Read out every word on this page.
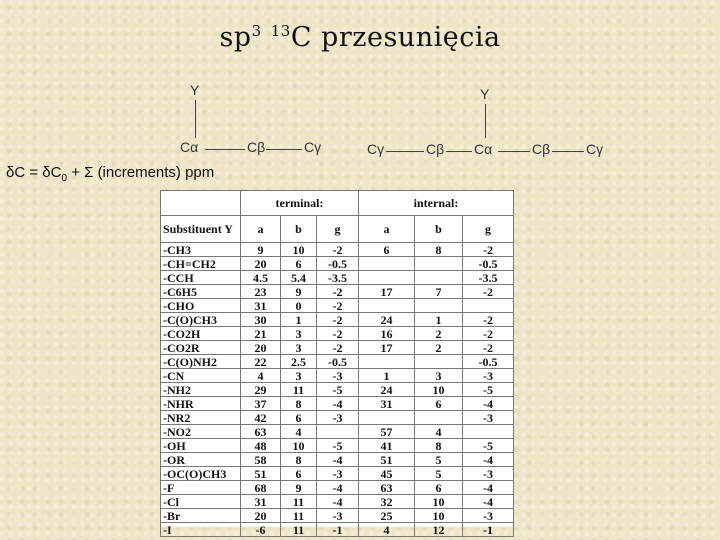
$sp^3$ $^{13}$C przesunięcia
Y
Cα	Cβ	Cγ
Y
Cγ	Cβ Cα	Cβ	Cγ
$\delta C = \delta C_0 + \Sigma$ (increments) ppm
	terminal:			internal:		
Substituent Y	a	b	g	a	b	g
-CH3	9	10	-2	6	8	-2
-CH=CH2	20	6	-0.5			-0.5
-CCH	4.5	5.4	-3.5			-3.5
-C6H5	23	9	-2	17	7	-2
-CHO	31	0	-2			
-C(O)CH3	30	1	-2	24	1	-2
-CO2H	21	3	-2	16	2	-2
-CO2R	20	3	-2	17	2	-2
-C(O)NH2	22	2.5	-0.5			-0.5
-CN	4	3	-3	1	3	-3
-NH2	29	11	-5	24	10	-5
-NHR	37	8	-4	31	6	-4
-NR2	42	6	-3			-3
-NO2	63	4		57	4	
-OH	48	10	-5	41	8	-5
-OR	58	8	-4	51	5	-4
-OC(O)CH3	51	6	-3	45	5	-3
-F	68	9	-4	63	6	-4
-Cl	31	11	-4	32	10	-4
-Br	20	11	-3	25	10	-3
-I	-6	11	-1	4	12	-1
